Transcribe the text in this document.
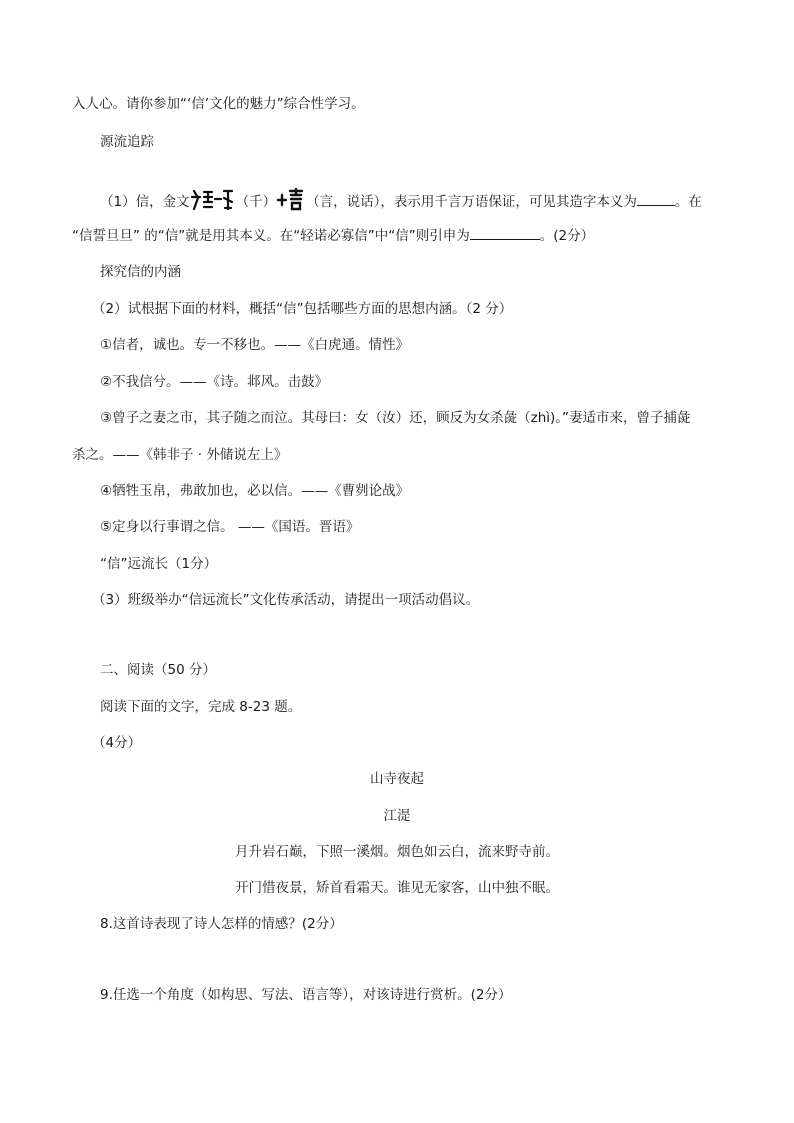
入人心。请你参加“‘信’文化的魅力”综合性学习。
源流追踪
（1）信，金文	（千） （言，说话），表示用千言万语保证，可见其造字本义为	。在
“信誓旦旦” 的“信”就是用其本义。在“轻诺必寡信”中“信”则引申为	。(2分）
探究信的内涵
（2）试根据下面的材料，概括“信”包括哪些方面的思想内涵。（2 分）
①信者，诚也。专一不移也。——《白虎通。情性》
②不我信兮。——《诗。邶风。击鼓》
③曾子之妻之市，其子随之而泣。其母曰：女（汝）还，顾反为女杀彘（zhì)。”妻适市来，曾子捕彘
杀之。——《韩非子 · 外储说左上》
④牺牲玉帛，弗敢加也，必以信。——《曹刿论战》
⑤定身以行事谓之信。 ——《国语。晋语》
“信”远流长（1分）
（3）班级举办“信远流长”文化传承活动，请提出一项活动倡议。
二、阅读（50 分）
阅读下面的文字，完成 8-23 题。
（4分）
山寺夜起
江湜
月升岩石巅，下照一溪烟。烟色如云白，流来野寺前。
开门惜夜景，矫首看霜天。谁见无家客，山中独不眠。
8.这首诗表现了诗人怎样的情感？(2分）
9.任选一个角度（如构思、写法、语言等），对该诗进行赏析。(2分）
